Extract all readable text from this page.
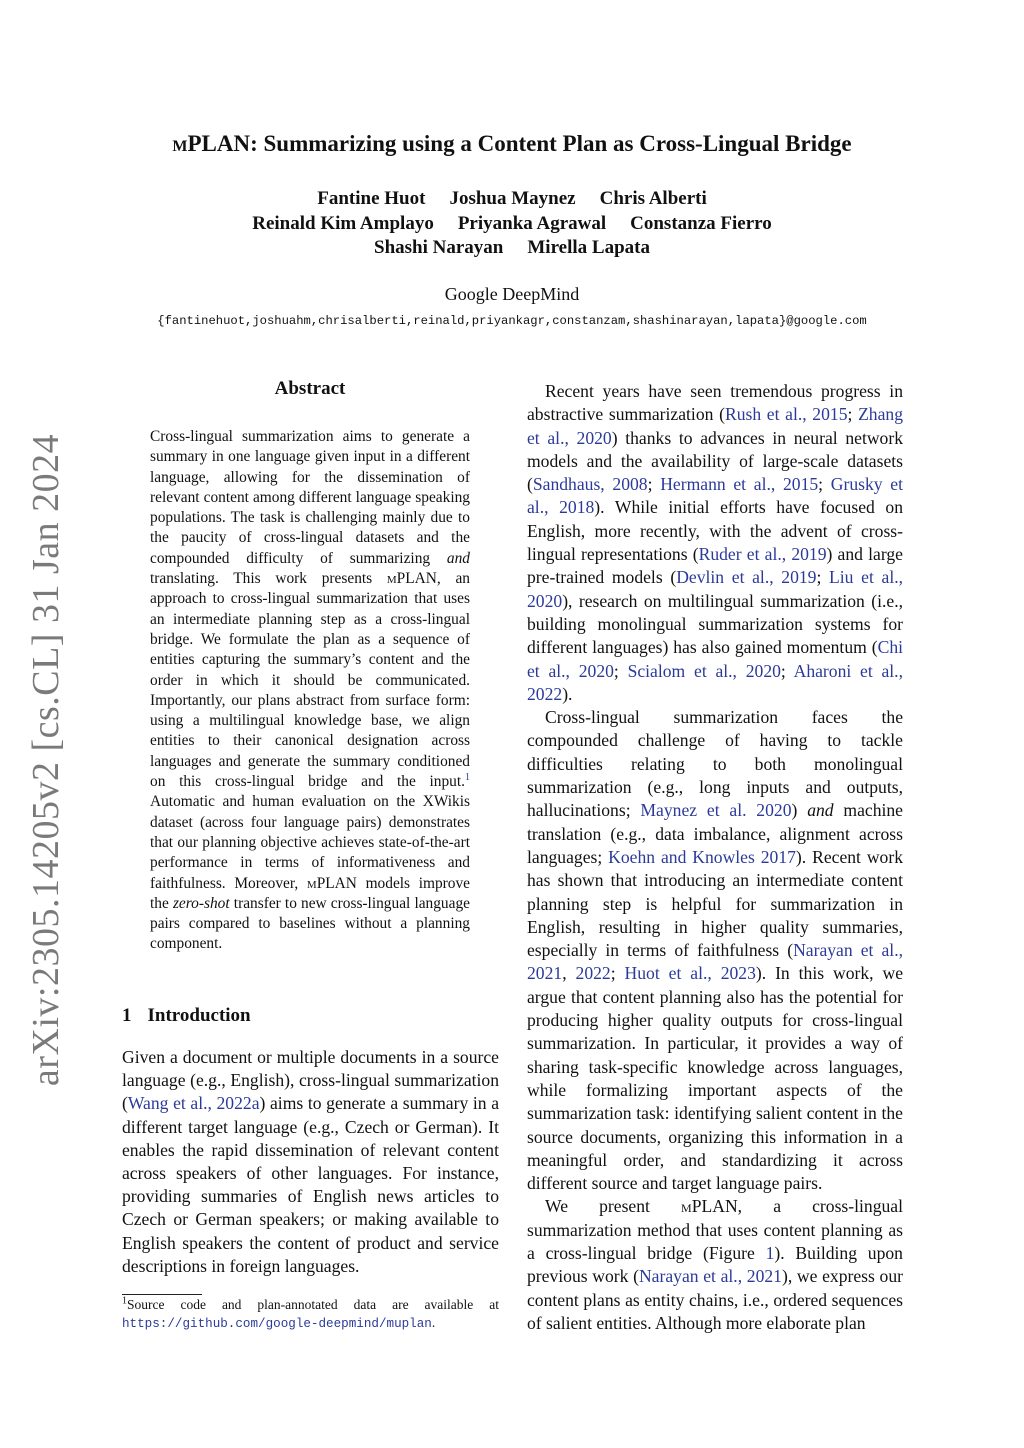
arXiv:2305.14205v2 [cs.CL] 31 Jan 2024
µPLAN: Summarizing using a Content Plan as Cross-Lingual Bridge
Fantine Huot Joshua Maynez Chris Alberti
Reinald Kim Amplayo Priyanka Agrawal Constanza Fierro
Shashi Narayan Mirella Lapata
Google DeepMind
{fantinehuot,joshuahm,chrisalberti,reinald,priyankagr,constanzam,shashinarayan,lapata}@google.com
Abstract
Cross-lingual summarization aims to generate a summary in one language given input in a different language, allowing for the dissemination of relevant content among different language speaking populations. The task is challenging mainly due to the paucity of cross-lingual datasets and the compounded difficulty of summarizing and translating. This work presents µPLAN, an approach to cross-lingual summarization that uses an intermediate planning step as a cross-lingual bridge. We formulate the plan as a sequence of entities capturing the summary’s content and the order in which it should be communicated. Importantly, our plans abstract from surface form: using a multilingual knowledge base, we align entities to their canonical designation across languages and generate the summary conditioned on this cross-lingual bridge and the input.$^1$ Automatic and human evaluation on the XWikis dataset (across four language pairs) demonstrates that our planning objective achieves state-of-the-art performance in terms of informativeness and faithfulness. Moreover, µPLAN models improve the zero-shot transfer to new cross-lingual language pairs compared to baselines without a planning component.
1 Introduction

Given a document or multiple documents in a source language (e.g., English), cross-lingual summarization (Wang et al., 2022a) aims to generate a summary in a different target language (e.g., Czech or German). It enables the rapid dissemination of relevant content across speakers of other languages. For instance, providing summaries of English news articles to Czech or German speakers; or making available to English speakers the content of product and service descriptions in foreign languages.

$^1$Source code and plan-annotated data are available at https://github.com/google-deepmind/muplan.

Recent years have seen tremendous progress in abstractive summarization (Rush et al., 2015; Zhang et al., 2020) thanks to advances in neural network models and the availability of large-scale datasets (Sandhaus, 2008; Hermann et al., 2015; Grusky et al., 2018). While initial efforts have focused on English, more recently, with the advent of cross-lingual representations (Ruder et al., 2019) and large pre-trained models (Devlin et al., 2019; Liu et al., 2020), research on multilingual summarization (i.e., building monolingual summarization systems for different languages) has also gained momentum (Chi et al., 2020; Scialom et al., 2020; Aharoni et al., 2022).

Cross-lingual summarization faces the compounded challenge of having to tackle difficulties relating to both monolingual summarization (e.g., long inputs and outputs, hallucinations; Maynez et al. 2020) and machine translation (e.g., data imbalance, alignment across languages; Koehn and Knowles 2017). Recent work has shown that introducing an intermediate content planning step is helpful for summarization in English, resulting in higher quality summaries, especially in terms of faithfulness (Narayan et al., 2021, 2022; Huot et al., 2023). In this work, we argue that content planning also has the potential for producing higher quality outputs for cross-lingual summarization. In particular, it provides a way of sharing task-specific knowledge across languages, while formalizing important aspects of the summarization task: identifying salient content in the source documents, organizing this information in a meaningful order, and standardizing it across different source and target language pairs.

We present µPLAN, a cross-lingual summarization method that uses content planning as a cross-lingual bridge (Figure 1). Building upon previous work (Narayan et al., 2021), we express our content plans as entity chains, i.e., ordered sequences of salient entities. Although more elaborate plan
